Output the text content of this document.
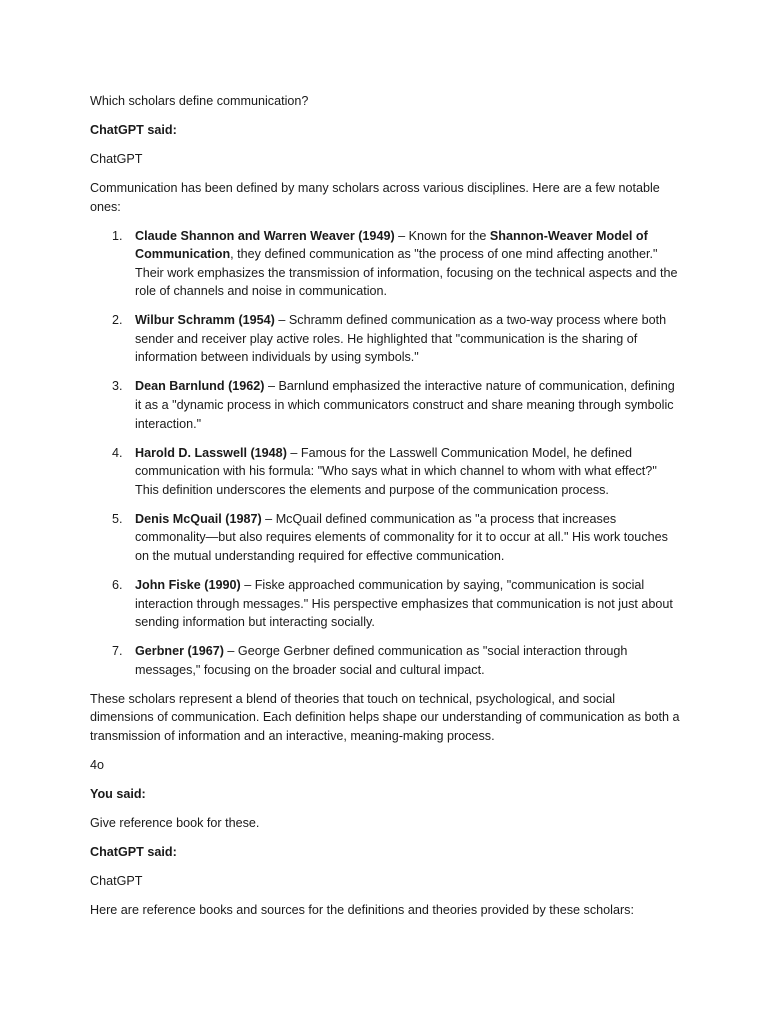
Which scholars define communication?

ChatGPT said:

ChatGPT

Communication has been defined by many scholars across various disciplines. Here are a few notable ones:

1. Claude Shannon and Warren Weaver (1949) – Known for the Shannon-Weaver Model of Communication, they defined communication as "the process of one mind affecting another." Their work emphasizes the transmission of information, focusing on the technical aspects and the role of channels and noise in communication.
2. Wilbur Schramm (1954) – Schramm defined communication as a two-way process where both sender and receiver play active roles. He highlighted that "communication is the sharing of information between individuals by using symbols."
3. Dean Barnlund (1962) – Barnlund emphasized the interactive nature of communication, defining it as a "dynamic process in which communicators construct and share meaning through symbolic interaction."
4. Harold D. Lasswell (1948) – Famous for the Lasswell Communication Model, he defined communication with his formula: "Who says what in which channel to whom with what effect?" This definition underscores the elements and purpose of the communication process.
5. Denis McQuail (1987) – McQuail defined communication as "a process that increases commonality—but also requires elements of commonality for it to occur at all." His work touches on the mutual understanding required for effective communication.
6. John Fiske (1990) – Fiske approached communication by saying, "communication is social interaction through messages." His perspective emphasizes that communication is not just about sending information but interacting socially.
7. Gerbner (1967) – George Gerbner defined communication as "social interaction through messages," focusing on the broader social and cultural impact.

These scholars represent a blend of theories that touch on technical, psychological, and social dimensions of communication. Each definition helps shape our understanding of communication as both a transmission of information and an interactive, meaning-making process.

4o

You said:

Give reference book for these.

ChatGPT said:

ChatGPT

Here are reference books and sources for the definitions and theories provided by these scholars:
